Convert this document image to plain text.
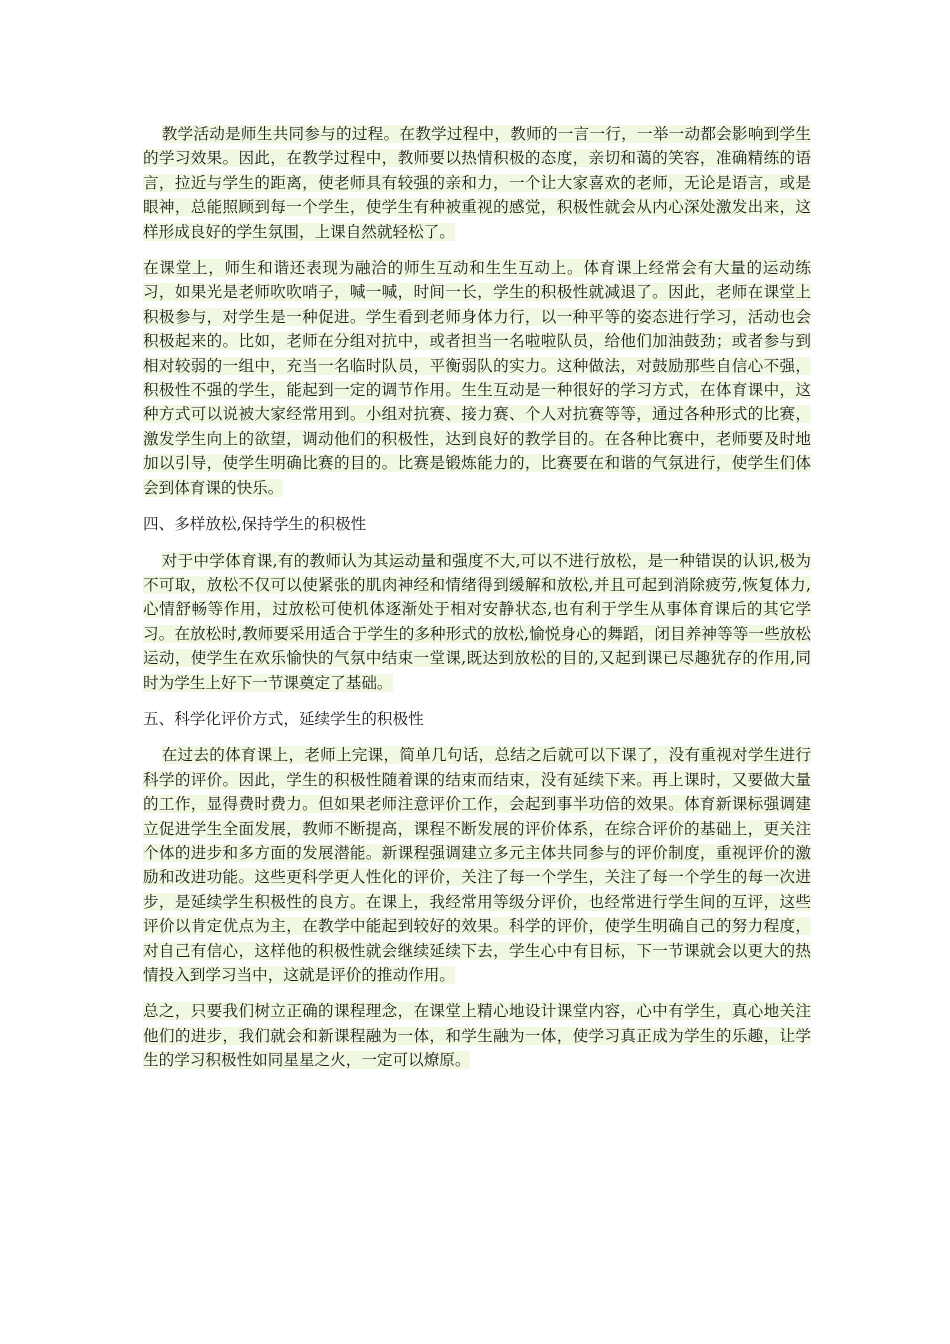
教学活动是师生共同参与的过程。在教学过程中，教师的一言一行，一举一动都会影响到学生的学习效果。因此，在教学过程中，教师要以热情积极的态度，亲切和蔼的笑容，准确精练的语言，拉近与学生的距离，使老师具有较强的亲和力，一个让大家喜欢的老师，无论是语言，或是眼神，总能照顾到每一个学生，使学生有种被重视的感觉，积极性就会从内心深处激发出来，这样形成良好的学生氛围，上课自然就轻松了。

在课堂上，师生和谐还表现为融洽的师生互动和生生互动上。体育课上经常会有大量的运动练习，如果光是老师吹吹哨子，喊一喊，时间一长，学生的积极性就减退了。因此，老师在课堂上积极参与，对学生是一种促进。学生看到老师身体力行，以一种平等的姿态进行学习，活动也会积极起来的。比如，老师在分组对抗中，或者担当一名啦啦队员，给他们加油鼓劲；或者参与到相对较弱的一组中，充当一名临时队员，平衡弱队的实力。这种做法，对鼓励那些自信心不强，积极性不强的学生，能起到一定的调节作用。生生互动是一种很好的学习方式，在体育课中，这种方式可以说被大家经常用到。小组对抗赛、接力赛、个人对抗赛等等，通过各种形式的比赛，激发学生向上的欲望，调动他们的积极性，达到良好的教学目的。在各种比赛中，老师要及时地加以引导，使学生明确比赛的目的。比赛是锻炼能力的，比赛要在和谐的气氛进行，使学生们体会到体育课的快乐。

四、多样放松,保持学生的积极性

对于中学体育课,有的教师认为其运动量和强度不大,可以不进行放松，是一种错误的认识,极为不可取，放松不仅可以使紧张的肌肉神经和情绪得到缓解和放松,并且可起到消除疲劳,恢复体力,心情舒畅等作用，过放松可使机体逐渐处于相对安静状态,也有利于学生从事体育课后的其它学习。在放松时,教师要采用适合于学生的多种形式的放松,愉悦身心的舞蹈，闭目养神等等一些放松运动，使学生在欢乐愉快的气氛中结束一堂课,既达到放松的目的,又起到课已尽趣犹存的作用,同时为学生上好下一节课奠定了基础。

五、科学化评价方式，延续学生的积极性

在过去的体育课上，老师上完课，简单几句话，总结之后就可以下课了，没有重视对学生进行科学的评价。因此，学生的积极性随着课的结束而结束，没有延续下来。再上课时，又要做大量的工作，显得费时费力。但如果老师注意评价工作，会起到事半功倍的效果。体育新课标强调建立促进学生全面发展，教师不断提高，课程不断发展的评价体系，在综合评价的基础上，更关注个体的进步和多方面的发展潜能。新课程强调建立多元主体共同参与的评价制度，重视评价的激励和改进功能。这些更科学更人性化的评价，关注了每一个学生，关注了每一个学生的每一次进步，是延续学生积极性的良方。在课上，我经常用等级分评价，也经常进行学生间的互评，这些评价以肯定优点为主，在教学中能起到较好的效果。科学的评价，使学生明确自己的努力程度，对自己有信心，这样他的积极性就会继续延续下去，学生心中有目标，下一节课就会以更大的热情投入到学习当中，这就是评价的推动作用。

总之，只要我们树立正确的课程理念，在课堂上精心地设计课堂内容，心中有学生，真心地关注他们的进步，我们就会和新课程融为一体，和学生融为一体，使学习真正成为学生的乐趣，让学生的学习积极性如同星星之火，一定可以燎原。
